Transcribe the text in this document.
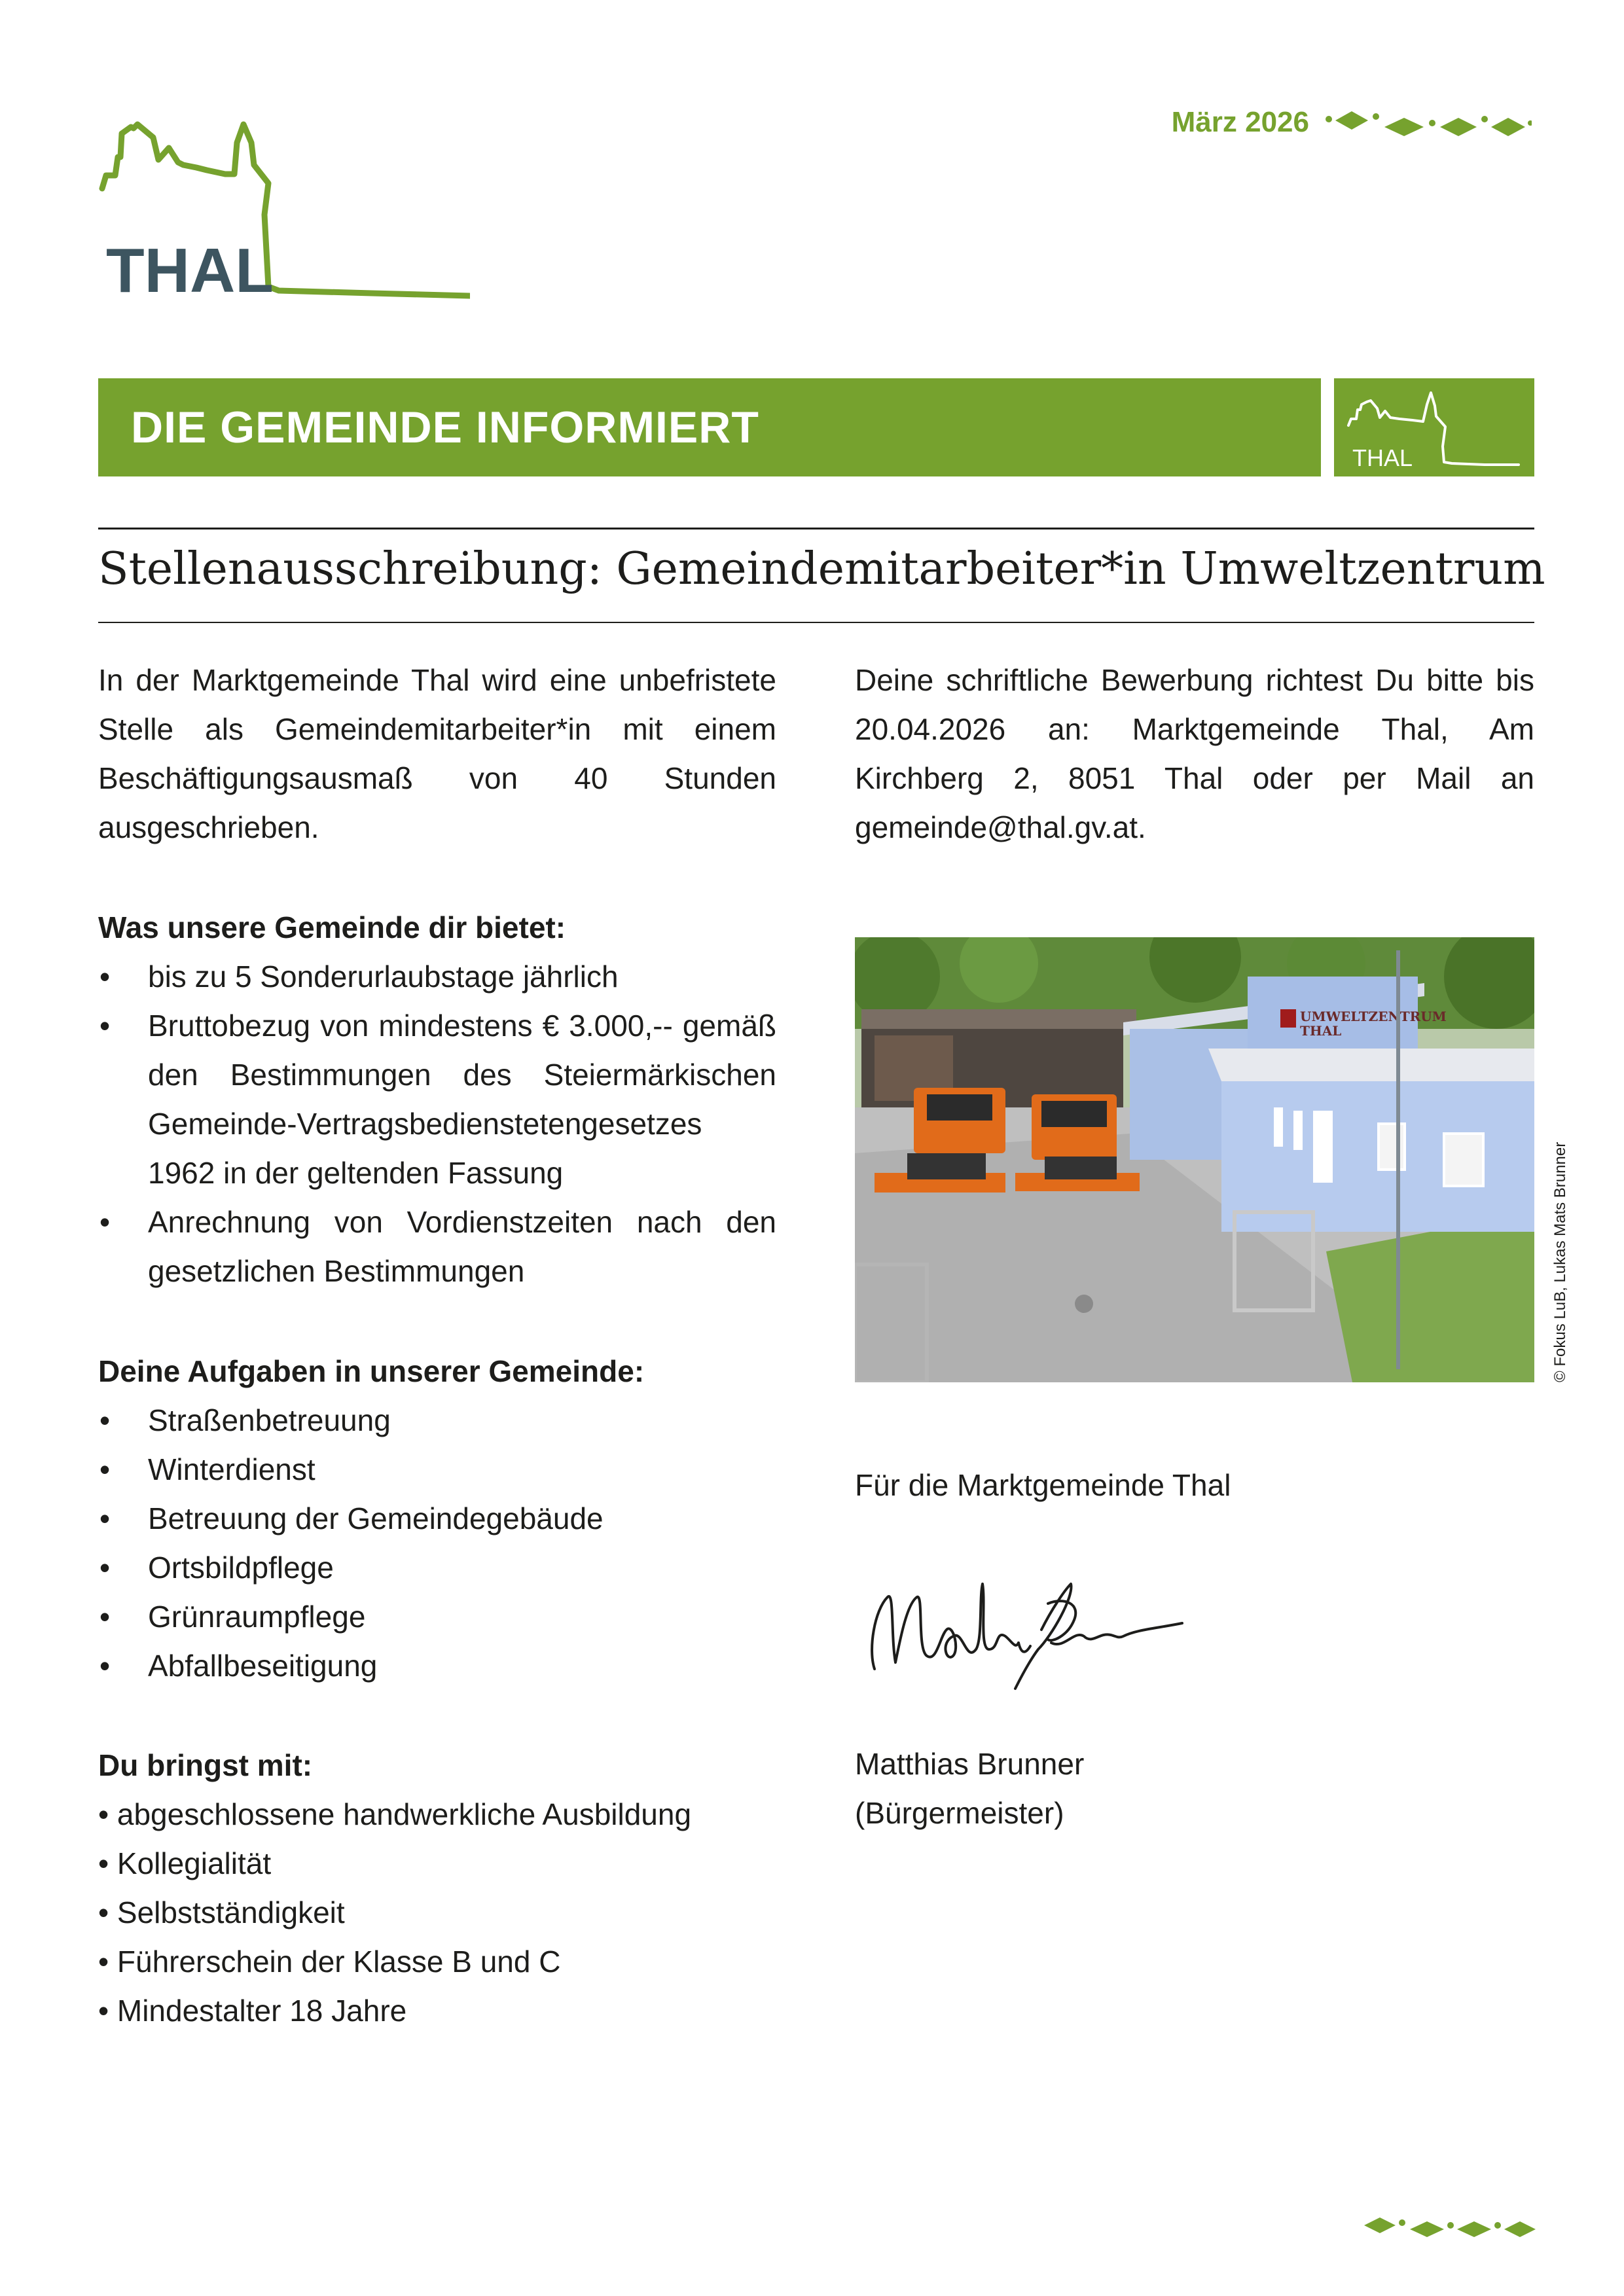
THAL
März 2026
DIE GEMEINDE INFORMIERT
THAL
Stellenausschreibung: Gemeindemitarbeiter*in Umweltzentrum
In der Marktgemeinde Thal wird eine unbefristete Stelle als Gemeindemitarbeiter*in mit einem Beschäftigungsausmaß von 40 Stunden ausgeschrieben.
Was unsere Gemeinde dir bietet:
• bis zu 5 Sonderurlaubstage jährlich
• Bruttobezug von mindestens € 3.000,-- gemäß den Bestimmungen des Steiermärkischen Gemeinde-Vertragsbedienstetengesetzes 1962 in der geltenden Fassung
• Anrechnung von Vordienstzeiten nach den gesetzlichen Bestimmungen
Deine Aufgaben in unserer Gemeinde:
• Straßenbetreuung
• Winterdienst
• Betreuung der Gemeindegebäude
• Ortsbildpflege
• Grünraumpflege
• Abfallbeseitigung
Du bringst mit:
• abgeschlossene handwerkliche Ausbildung
• Kollegialität
• Selbstständigkeit
• Führerschein der Klasse B und C
• Mindestalter 18 Jahre
Deine schriftliche Bewerbung richtest Du bitte bis 20.04.2026 an: Marktgemeinde Thal, Am Kirchberg 2, 8051 Thal oder per Mail an gemeinde@thal.gv.at.
UMWELTZENTRUM
THAL
© Fokus LuB, Lukas Mats Brunner
Für die Marktgemeinde Thal
Matthias Brunner
(Bürgermeister)
